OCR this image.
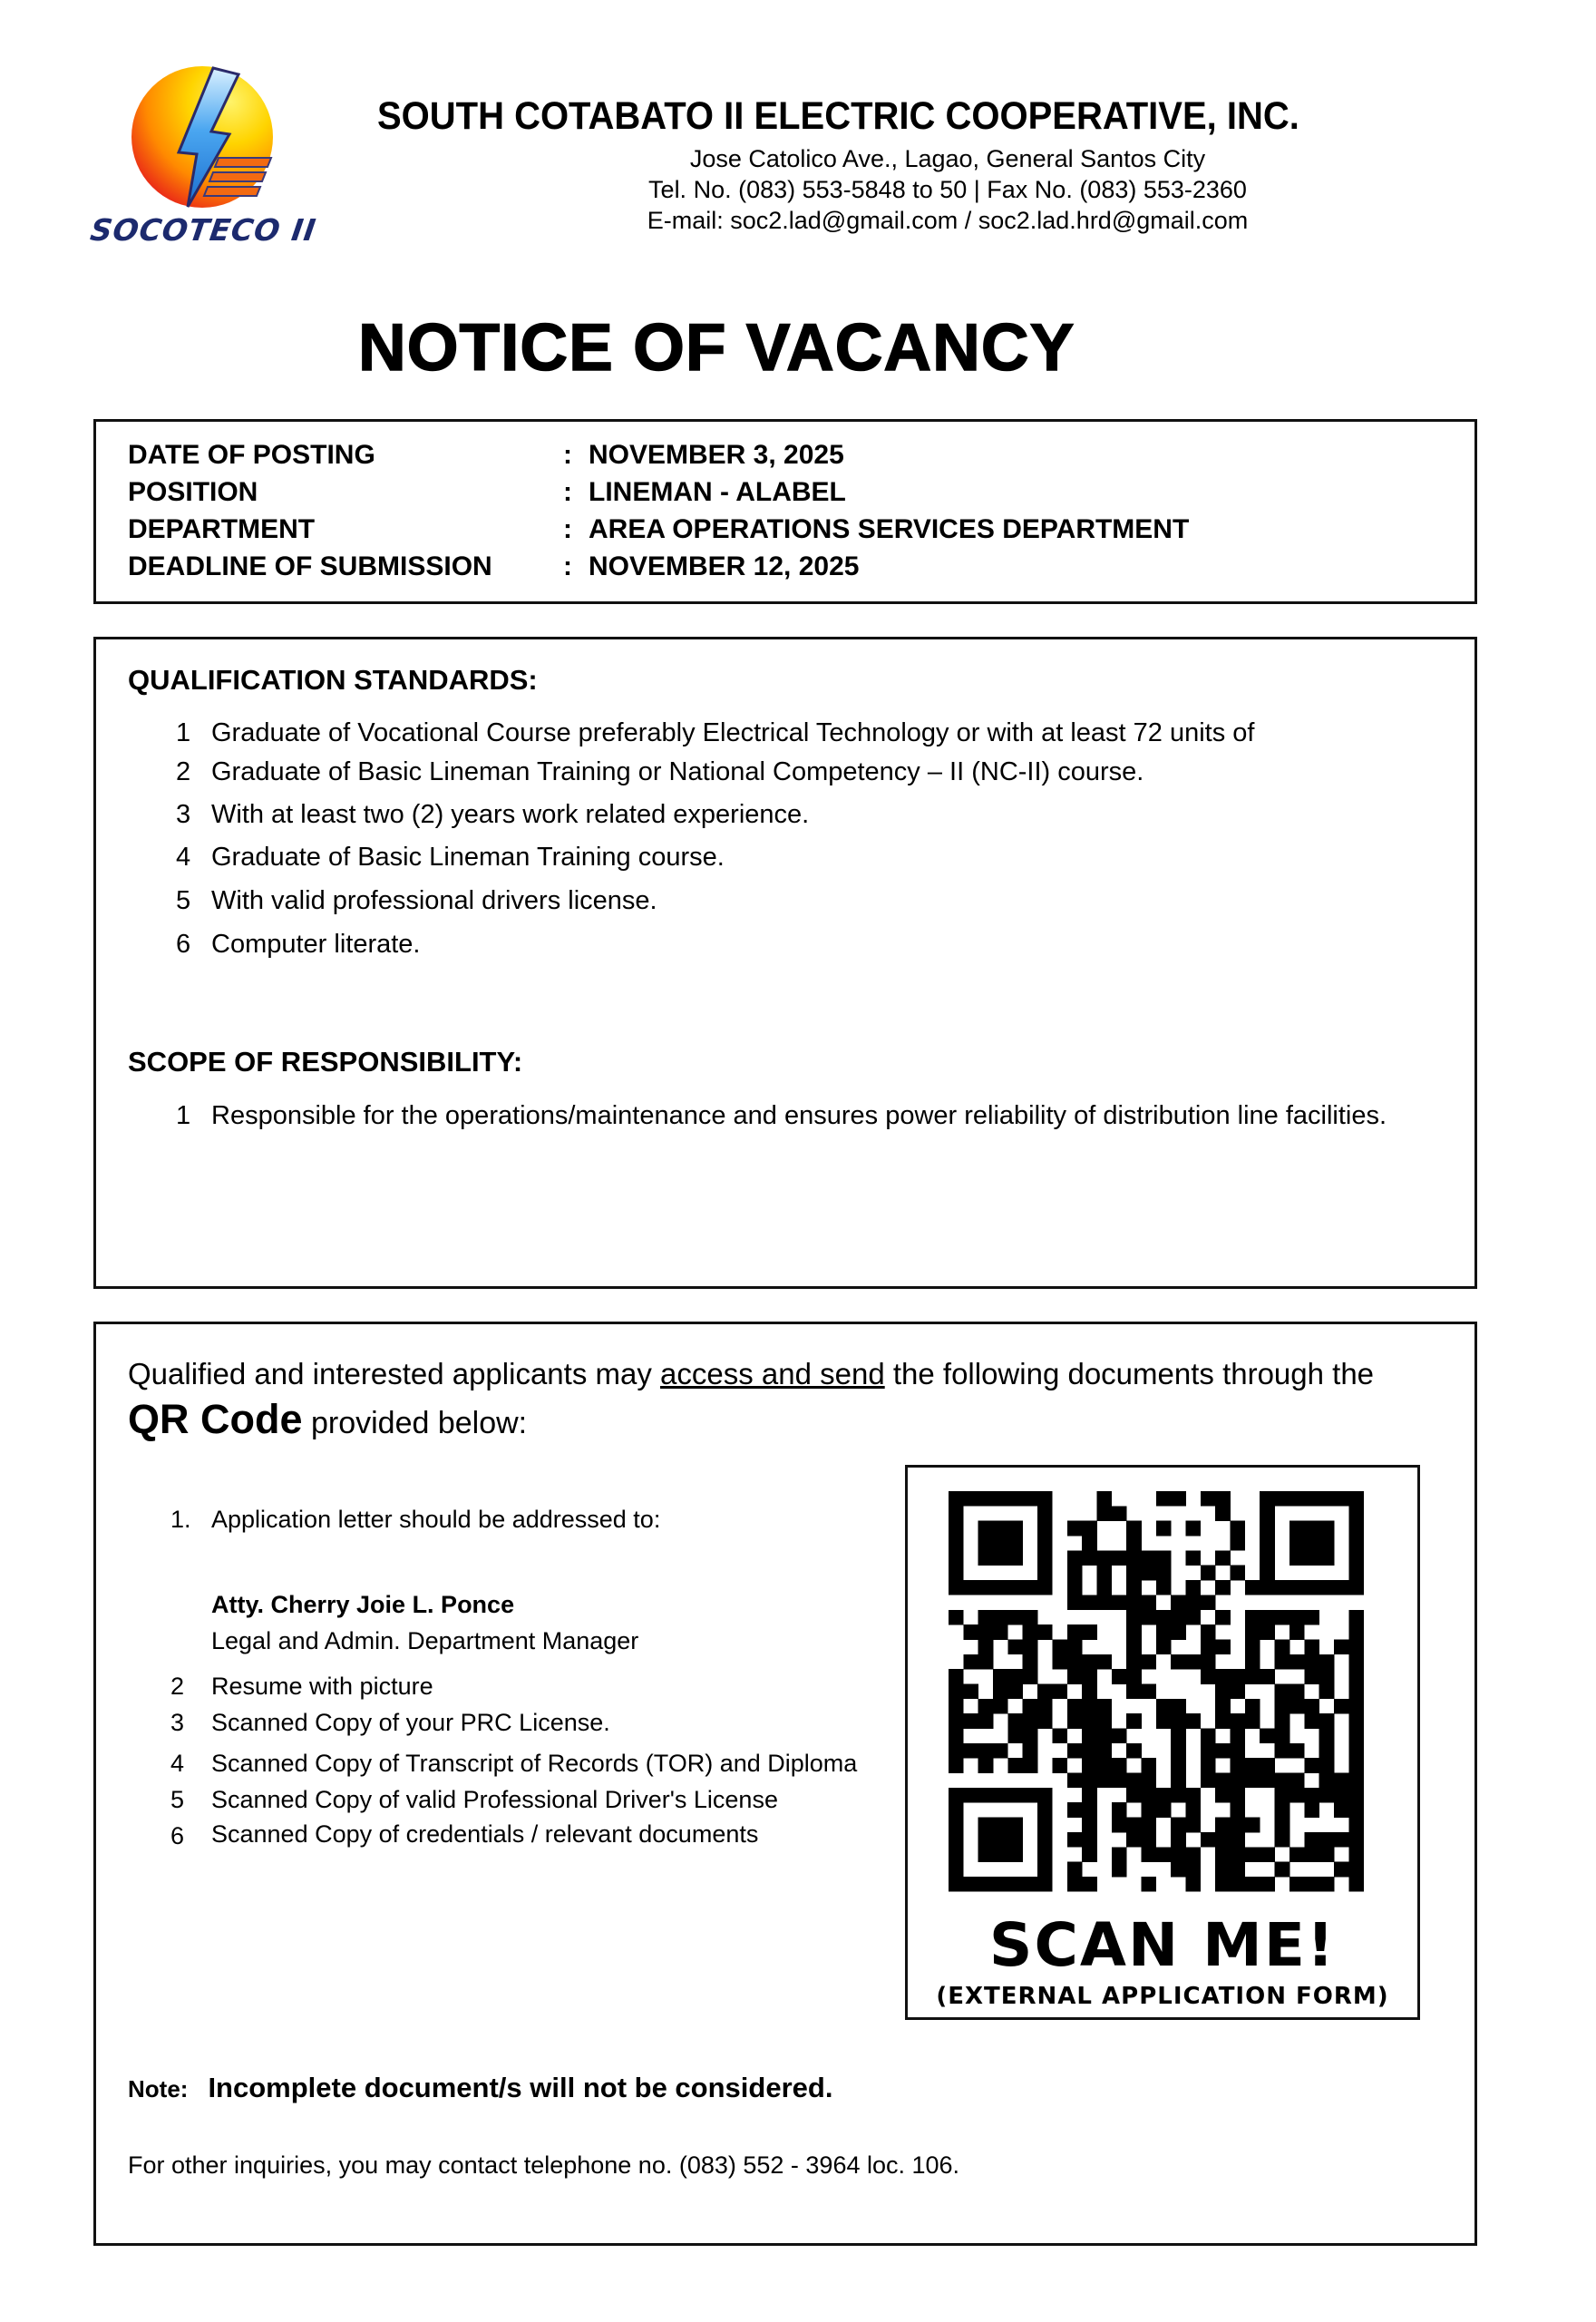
SOCOTECO II
SOUTH COTABATO II ELECTRIC COOPERATIVE, INC.
Jose Catolico Ave., Lagao, General Santos City
Tel. No. (083) 553-5848 to 50 | Fax No. (083) 553-2360
E-mail: soc2.lad@gmail.com / soc2.lad.hrd@gmail.com
NOTICE OF VACANCY
DATE OF POSTING	: NOVEMBER 3, 2025
POSITION	: LINEMAN - ALABEL
DEPARTMENT	: AREA OPERATIONS SERVICES DEPARTMENT
DEADLINE OF SUBMISSION	: NOVEMBER 12, 2025
QUALIFICATION STANDARDS:
1 Graduate of Vocational Course preferably Electrical Technology or with at least 72 units of
2 Graduate of Basic Lineman Training or National Competency – II (NC-II) course.
3 With at least two (2) years work related experience.
4 Graduate of Basic Lineman Training course.
5 With valid professional drivers license.
6 Computer literate.
SCOPE OF RESPONSIBILITY:
1 Responsible for the operations/maintenance and ensures power reliability of distribution line facilities.
Qualified and interested applicants may access and send the following documents through the
QR Code provided below:
1. Application letter should be addressed to:
Atty. Cherry Joie L. Ponce
Legal and Admin. Department Manager
2 Resume with picture
3 Scanned Copy of your PRC License.
4 Scanned Copy of Transcript of Records (TOR) and Diploma
5 Scanned Copy of valid Professional Driver's License
6 Scanned Copy of credentials / relevant documents
SCAN ME!
(EXTERNAL APPLICATION FORM)
Note: Incomplete document/s will not be considered.
For other inquiries, you may contact telephone no. (083) 552 - 3964 loc. 106.
